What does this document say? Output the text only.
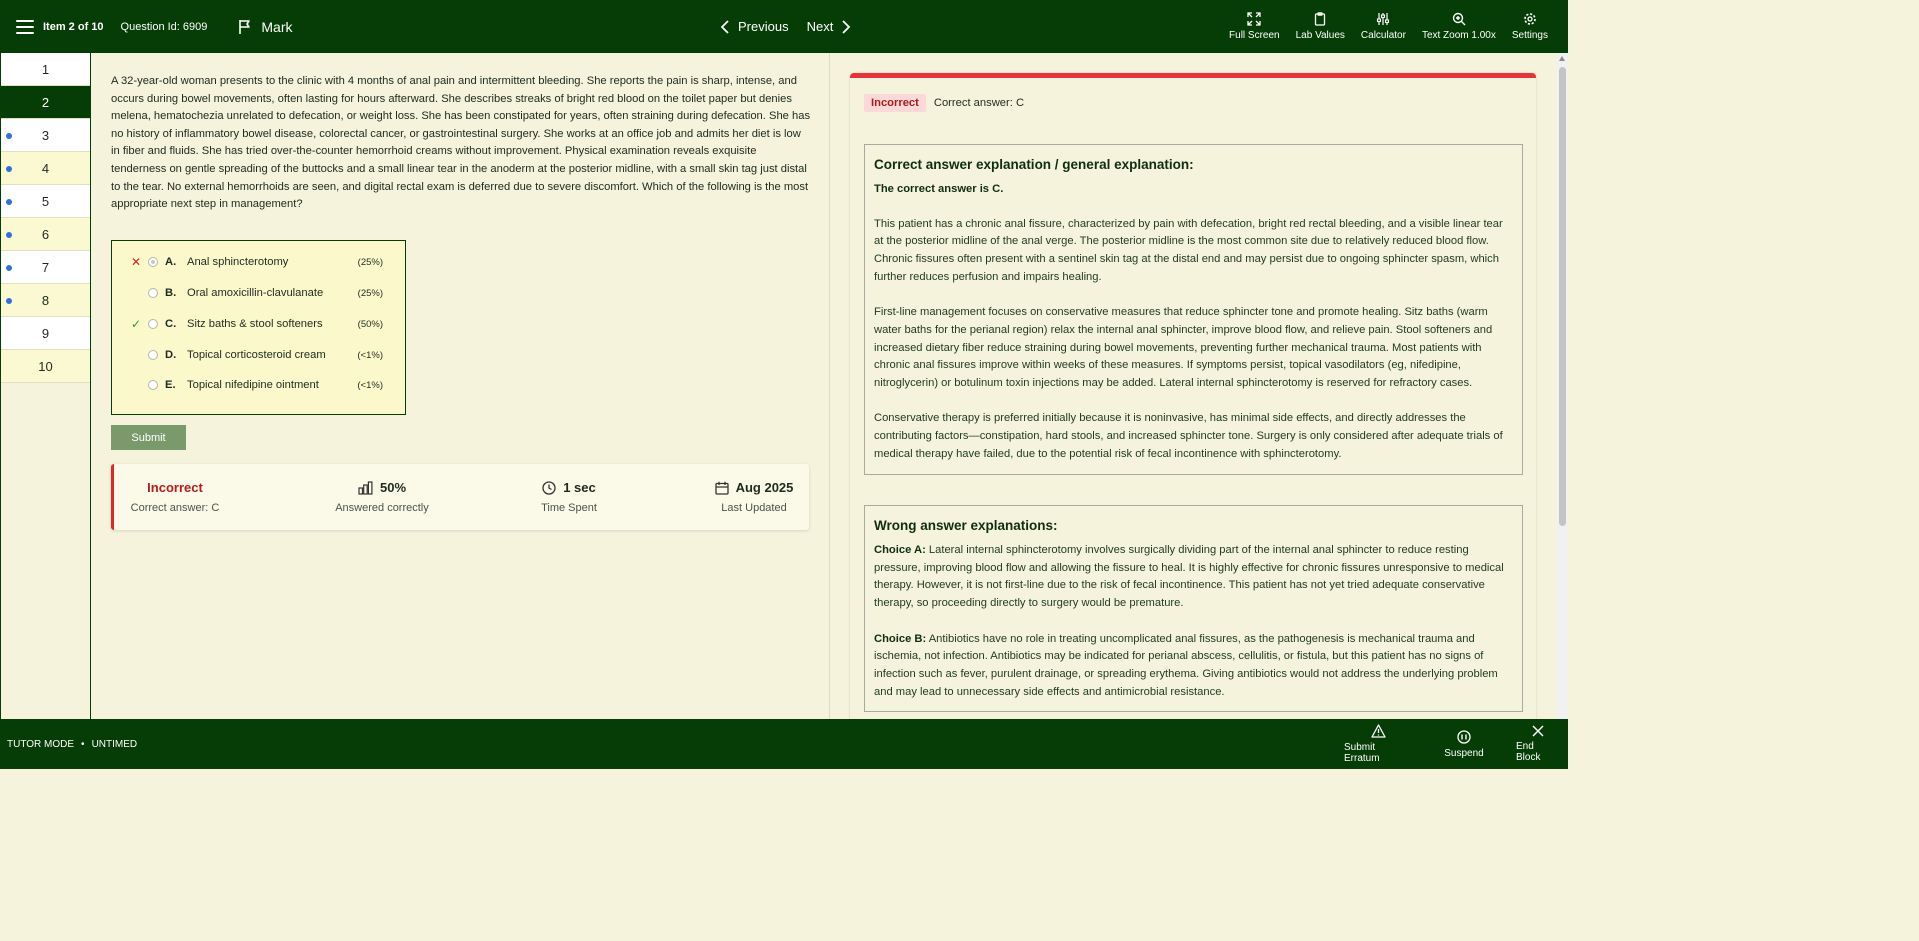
Item 2 of 10 Question Id: 6909	Mark	Previous Next
Full Screen Lab Values Calculator Text Zoom 1.00x Settings
1
2
3
4
5
6
7
8
9
10
A 32-year-old woman presents to the clinic with 4 months of anal pain and intermittent bleeding. She reports the pain is sharp, intense, and occurs during bowel movements, often lasting for hours afterward. She describes streaks of bright red blood on the toilet paper but denies melena, hematochezia unrelated to defecation, or weight loss. She has been constipated for years, often straining during defecation. She has no history of inflammatory bowel disease, colorectal cancer, or gastrointestinal surgery. She works at an office job and admits her diet is low in fiber and fluids. She has tried over-the-counter hemorrhoid creams without improvement. Physical examination reveals exquisite tenderness on gentle spreading of the buttocks and a small linear tear in the anoderm at the posterior midline, with a small skin tag just distal to the tear. No external hemorrhoids are seen, and digital rectal exam is deferred due to severe discomfort. Which of the following is the most appropriate next step in management?
✕ A. Anal sphincterotomy	(25%)
B. Oral amoxicillin-clavulanate	(25%)
✓ C. Sitz baths & stool softeners	(50%)
D. Topical corticosteroid cream	(<1%)
E. Topical nifedipine ointment	(<1%)
Submit
Incorrect
Correct answer: C
50%
Answered correctly
1 sec
Time Spent
Aug 2025
Last Updated
Incorrect	Correct answer: C
Correct answer explanation / general explanation:
The correct answer is C.

This patient has a chronic anal fissure, characterized by pain with defecation, bright red rectal bleeding, and a visible linear tear at the posterior midline of the anal verge. The posterior midline is the most common site due to relatively reduced blood flow. Chronic fissures often present with a sentinel skin tag at the distal end and may persist due to ongoing sphincter spasm, which further reduces perfusion and impairs healing.

First-line management focuses on conservative measures that reduce sphincter tone and promote healing. Sitz baths (warm water baths for the perianal region) relax the internal anal sphincter, improve blood flow, and relieve pain. Stool softeners and increased dietary fiber reduce straining during bowel movements, preventing further mechanical trauma. Most patients with chronic anal fissures improve within weeks of these measures. If symptoms persist, topical vasodilators (eg, nifedipine, nitroglycerin) or botulinum toxin injections may be added. Lateral internal sphincterotomy is reserved for refractory cases.

Conservative therapy is preferred initially because it is noninvasive, has minimal side effects, and directly addresses the contributing factors—constipation, hard stools, and increased sphincter tone. Surgery is only considered after adequate trials of medical therapy have failed, due to the potential risk of fecal incontinence with sphincterotomy.

Wrong answer explanations:

Choice A: Lateral internal sphincterotomy involves surgically dividing part of the internal anal sphincter to reduce resting pressure, improving blood flow and allowing the fissure to heal. It is highly effective for chronic fissures unresponsive to medical therapy. However, it is not first-line due to the risk of fecal incontinence. This patient has not yet tried adequate conservative therapy, so proceeding directly to surgery would be premature.

Choice B: Antibiotics have no role in treating uncomplicated anal fissures, as the pathogenesis is mechanical trauma and ischemia, not infection. Antibiotics may be indicated for perianal abscess, cellulitis, or fistula, but this patient has no signs of infection such as fever, purulent drainage, or spreading erythema. Giving antibiotics would not address the underlying problem and may lead to unnecessary side effects and antimicrobial resistance.

TUTOR MODE • UNTIMED	Submit Erratum	Suspend
End Block
